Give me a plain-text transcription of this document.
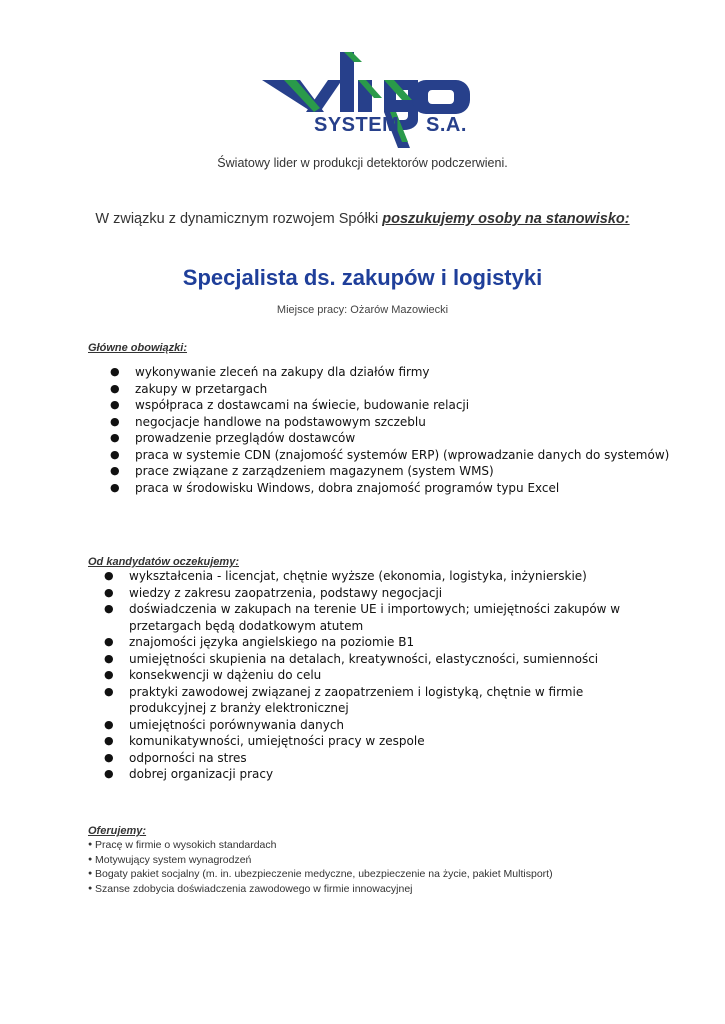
SYSTEM S.A.
Światowy lider w produkcji detektorów podczerwieni.
W związku z dynamicznym rozwojem Spółki poszukujemy osoby na stanowisko:
Specjalista ds. zakupów i logistyki
Miejsce pracy: Ożarów Mazowiecki
Główne obowiązki:
● wykonywanie zleceń na zakupy dla działów firmy
● zakupy w przetargach
● współpraca z dostawcami na świecie, budowanie relacji
● negocjacje handlowe na podstawowym szczeblu
● prowadzenie przeglądów dostawców
● praca w systemie CDN (znajomość systemów ERP) (wprowadzanie danych do systemów)
● prace związane z zarządzeniem magazynem (system WMS)
● praca w środowisku Windows, dobra znajomość programów typu Excel
Od kandydatów oczekujemy:
● wykształcenia - licencjat, chętnie wyższe (ekonomia, logistyka, inżynierskie)
● wiedzy z zakresu zaopatrzenia, podstawy negocjacji
● doświadczenia w zakupach na terenie UE i importowych; umiejętności zakupów w przetargach będą dodatkowym atutem
● znajomości języka angielskiego na poziomie B1
● umiejętności skupienia na detalach, kreatywności, elastyczności, sumienności
● konsekwencji w dążeniu do celu
● praktyki zawodowej związanej z zaopatrzeniem i logistyką, chętnie w firmie produkcyjnej z branży elektronicznej
● umiejętności porównywania danych
● komunikatywności, umiejętności pracy w zespole
● odporności na stres
● dobrej organizacji pracy
Oferujemy:
● Pracę w firmie o wysokich standardach
● Motywujący system wynagrodzeń
● Bogaty pakiet socjalny (m. in. ubezpieczenie medyczne, ubezpieczenie na życie, pakiet Multisport)
● Szanse zdobycia doświadczenia zawodowego w firmie innowacyjnej
